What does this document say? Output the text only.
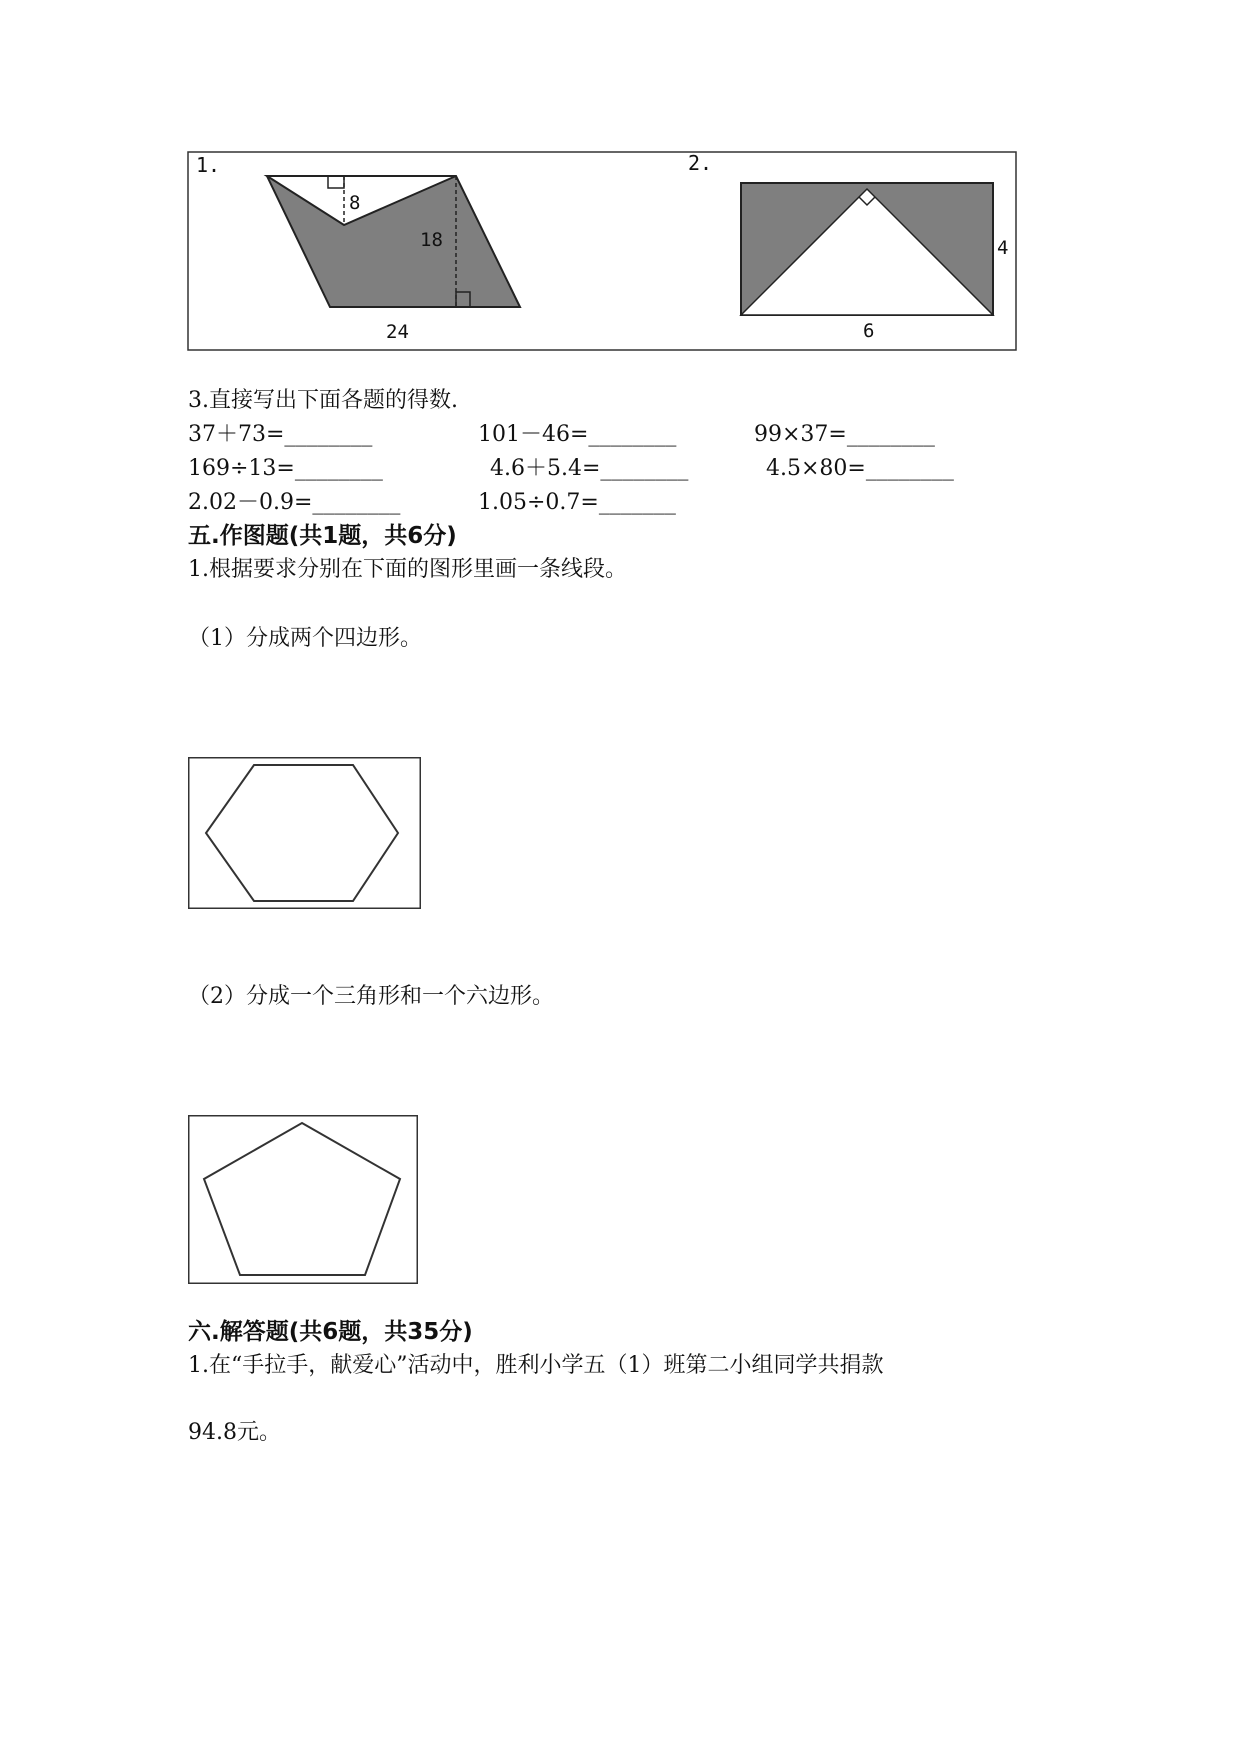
1.
8
18
24
2.
4
6
3.直接写出下面各题的得数.
37＋73=________	101－46=________	99×37=________
169÷13=________	4.6＋5.4=________	4.5×80=________
2.02－0.9=________	1.05÷0.7=_______
五.作图题(共1题，共6分)
1.根据要求分别在下面的图形里画一条线段。
（1）分成两个四边形。
（2）分成一个三角形和一个六边形。
六.解答题(共6题，共35分)
1.在“手拉手，献爱心”活动中，胜利小学五（1）班第二小组同学共捐款
94.8元。
